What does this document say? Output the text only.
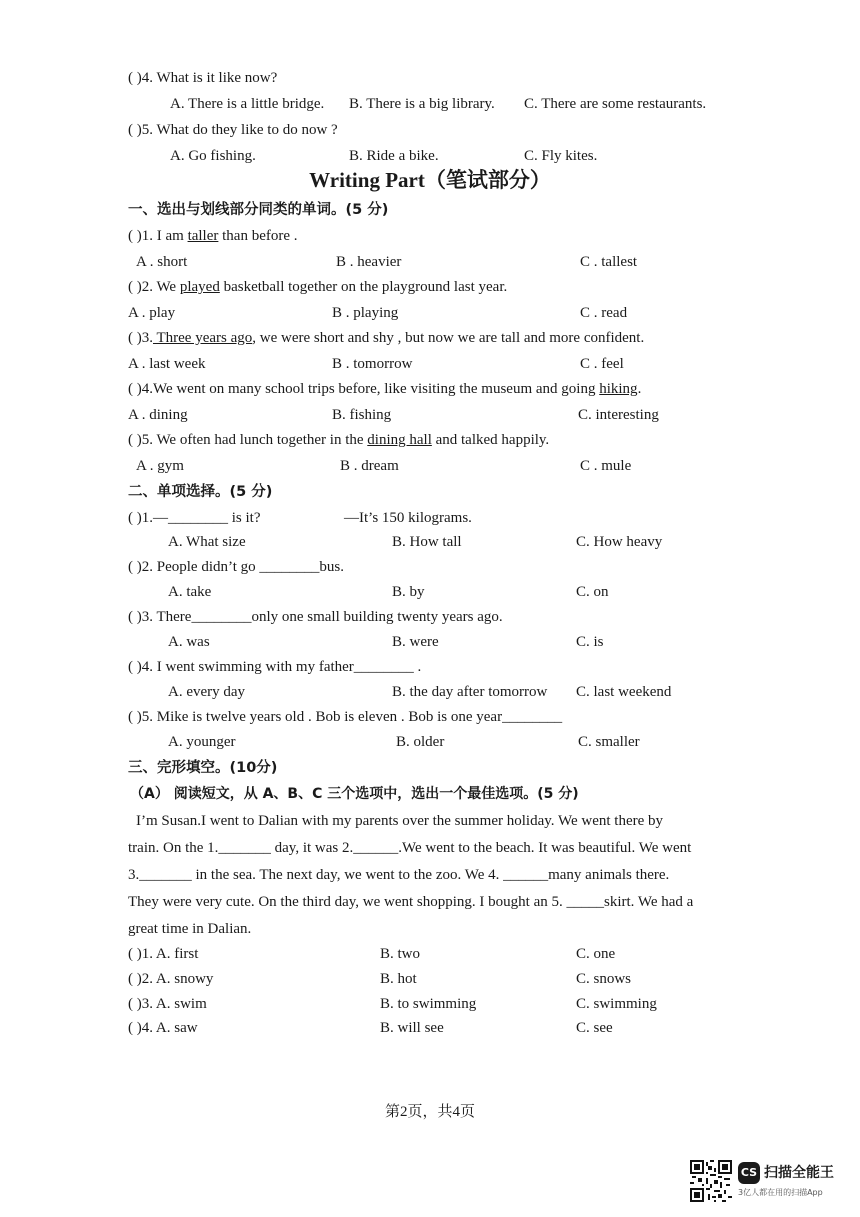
( )4. What is it like now?
A. There is a little bridge. B. There is a big library. C. There are some restaurants.
( )5. What do they like to do now ?
A. Go fishing.	B. Ride a bike.	C. Fly kites.
Writing Part（笔试部分）
一、选出与划线部分同类的单词。(5 分)
( )1. I am taller than before .
A . short	B . heavier	C . tallest
( )2. We played basketball together on the playground last year.
A . play	B . playing	C . read
( )3. Three years ago, we were short and shy , but now we are tall and more confident.
A . last week	B . tomorrow	C . feel
( )4.We went on many school trips before, like visiting the museum and going hiking.
A . dining	B. fishing	C. interesting
( )5. We often had lunch together in the dining hall and talked happily.
A . gym	B . dream	C . mule
二、单项选择。(5 分)
( )1.—________ is it?	—It’s 150 kilograms.
A. What size	B. How tall	C. How heavy
( )2. People didn’t go ________bus.
A. take	B. by	C. on
( )3. There________only one small building twenty years ago.
A. was	B. were	C. is
( )4. I went swimming with my father________ .
A. every day	B. the day after tomorrow C. last weekend
( )5. Mike is twelve years old . Bob is eleven . Bob is one year________
A. younger	B. older	C. smaller
三、完形填空。(10分)
（A） 阅读短文，从 A、B、C 三个选项中，选出一个最佳选项。(5 分)
I’m Susan.I went to Dalian with my parents over the summer holiday. We went there by
train. On the 1._______ day, it was 2.______.We went to the beach. It was beautiful. We went
3._______ in the sea. The next day, we went to the zoo. We 4. ______many animals there.
They were very cute. On the third day, we went shopping. I bought an 5. _____skirt. We had a
great time in Dalian.
( )1. A. first	B. two	C. one
( )2. A. snowy	B. hot	C. snows
( )3. A. swim	B. to swimming	C. swimming
( )4. A. saw	B. will see	C. see
第2页，共4页
CS 扫描全能王
3亿人都在用的扫描App
